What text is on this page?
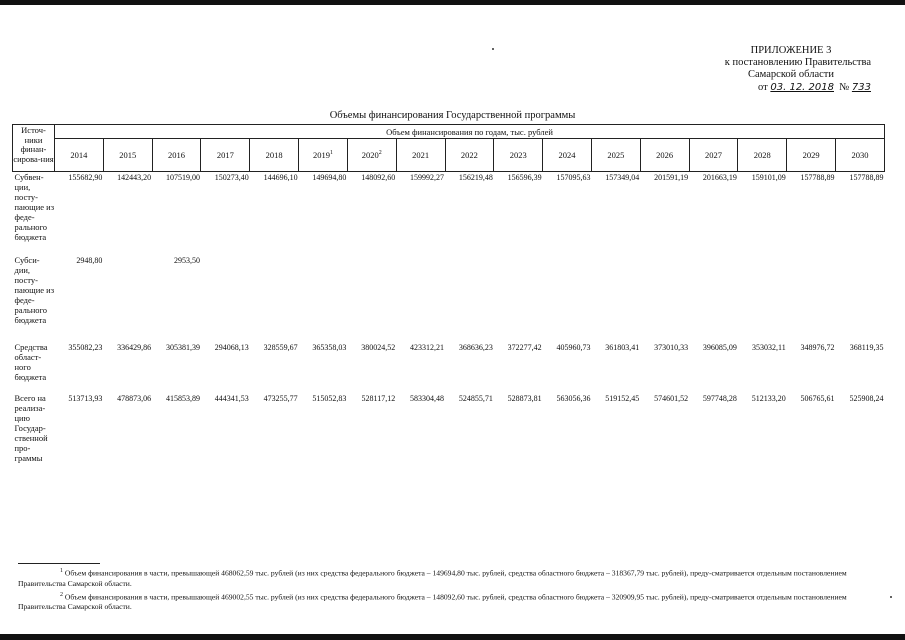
ПРИЛОЖЕНИЕ 3
к постановлению Правительства
Самарской области
от 03. 12. 2018 № 733
Объемы финансирования Государственной программы
Источ-ники финан-сирова-ния	Объем финансирования по годам, тыс. рублей																
	2014	2015	2016	2017	2018	2019$^1$	2020$^2$	2021	2022	2023	2024	2025	2026	2027	2028	2029	2030
Субвен-ции, посту-пающие из феде-рального бюджета	155682,90	142443,20	107519,00	150273,40	144696,10	149694,80	148092,60	159992,27	156219,48	156596,39	157095,63	157349,04	201591,19	201663,19	159101,09	157788,89	157788,89
Субси-дии, посту-пающие из феде-рального бюджета	2948,80		2953,50														
Средства област-ного бюджета	355082,23	336429,86	305381,39	294068,13	328559,67	365358,03	380024,52	423312,21	368636,23	372277,42	405960,73	361803,41	373010,33	396085,09	353032,11	348976,72	368119,35
Всего на реализа-цию Государ-ственной про-граммы	513713,93	478873,06	415853,89	444341,53	473255,77	515052,83	528117,12	583304,48	524855,71	528873,81	563056,36	519152,45	574601,52	597748,28	512133,20	506765,61	525908,24

$^1$ Объем финансирования в части, превышающей 468062,59 тыс. рублей (из них средства федерального бюджета – 149694,80 тыс. рублей, средства областного бюджета – 318367,79 тыс. рублей), преду-сматривается отдельным постановлением Правительства Самарской области.

$^2$ Объем финансирования в части, превышающей 469002,55 тыс. рублей (из них средства федерального бюджета – 148092,60 тыс. рублей, средства областного бюджета – 320909,95 тыс. рублей), преду-сматривается отдельным постановлением Правительства Самарской области.
